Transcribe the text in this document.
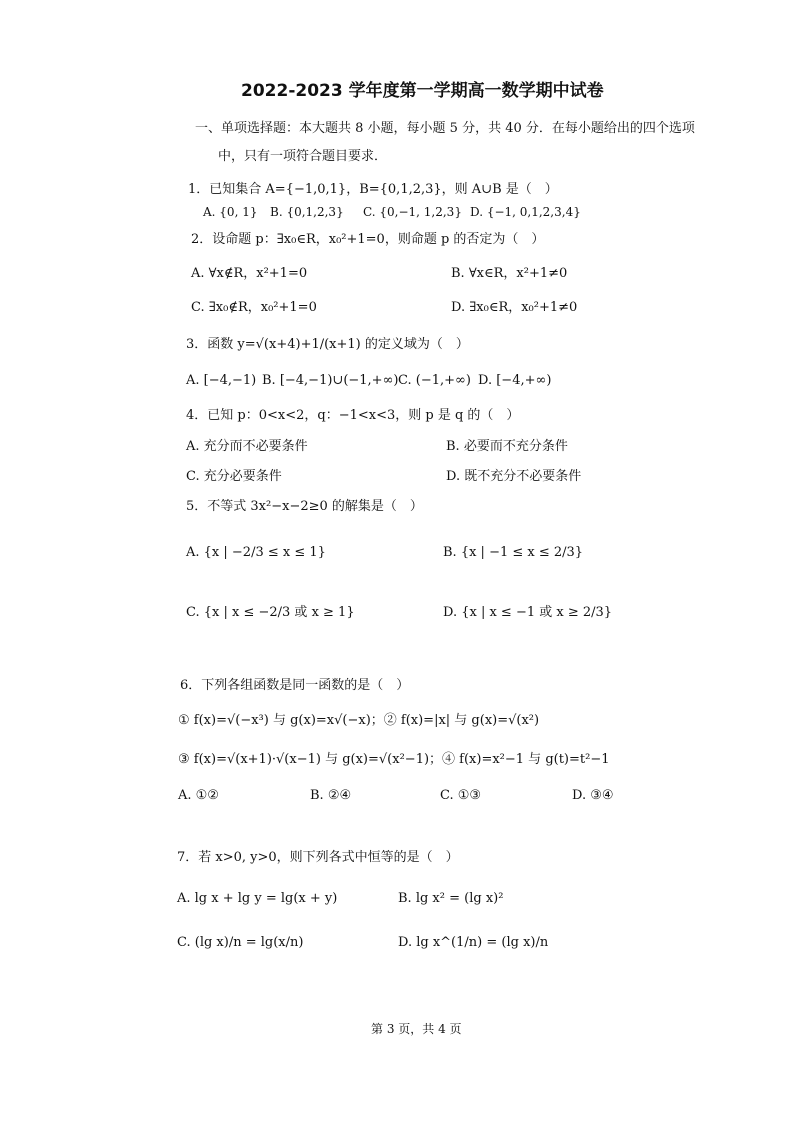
2022-2023 学年度第一学期高一数学期中试卷
一、单项选择题：本大题共 8 小题，每小题 5 分，共 40 分．在每小题给出的四个选项
中，只有一项符合题目要求．
1．已知集合 A={−1,0,1}，B={0,1,2,3}，则 A∪B 是（　）
A. {0, 1} B. {0,1,2,3} C. {0,−1, 1,2,3} D. {−1, 0,1,2,3,4}
2．设命题 p：∃x₀∈R，x₀²+1=0，则命题 p 的否定为（　）
A. ∀x∉R，x²+1=0	B. ∀x∈R，x²+1≠0
C. ∃x₀∉R，x₀²+1=0	D. ∃x₀∈R，x₀²+1≠0
3．函数 y=√(x+4)+1/(x+1) 的定义域为（　）
A. [−4,−1) B. [−4,−1)∪(−1,+∞) C. (−1,+∞) D. [−4,+∞)
4．已知 p：0<x<2，q：−1<x<3，则 p 是 q 的（　）
A. 充分而不必要条件	B. 必要而不充分条件
C. 充分必要条件	D. 既不充分不必要条件
5．不等式 3x²−x−2≥0 的解集是（　）
A. {x | −2/3 ≤ x ≤ 1}	B. {x | −1 ≤ x ≤ 2/3}
C. {x | x ≤ −2/3 或 x ≥ 1}	D. {x | x ≤ −1 或 x ≥ 2/3}
6．下列各组函数是同一函数的是（　）
① f(x)=√(−x³) 与 g(x)=x√(−x)；② f(x)=|x| 与 g(x)=√(x²)
③ f(x)=√(x+1)·√(x−1) 与 g(x)=√(x²−1)；④ f(x)=x²−1 与 g(t)=t²−1
A. ①②	B. ②④	C. ①③	D. ③④
7．若 x>0, y>0，则下列各式中恒等的是（　）
A. lg x + lg y = lg(x + y)	B. lg x² = (lg x)²
C. (lg x)/n = lg(x/n)	D. lg x^(1/n) = (lg x)/n
第 3 页，共 4 页
